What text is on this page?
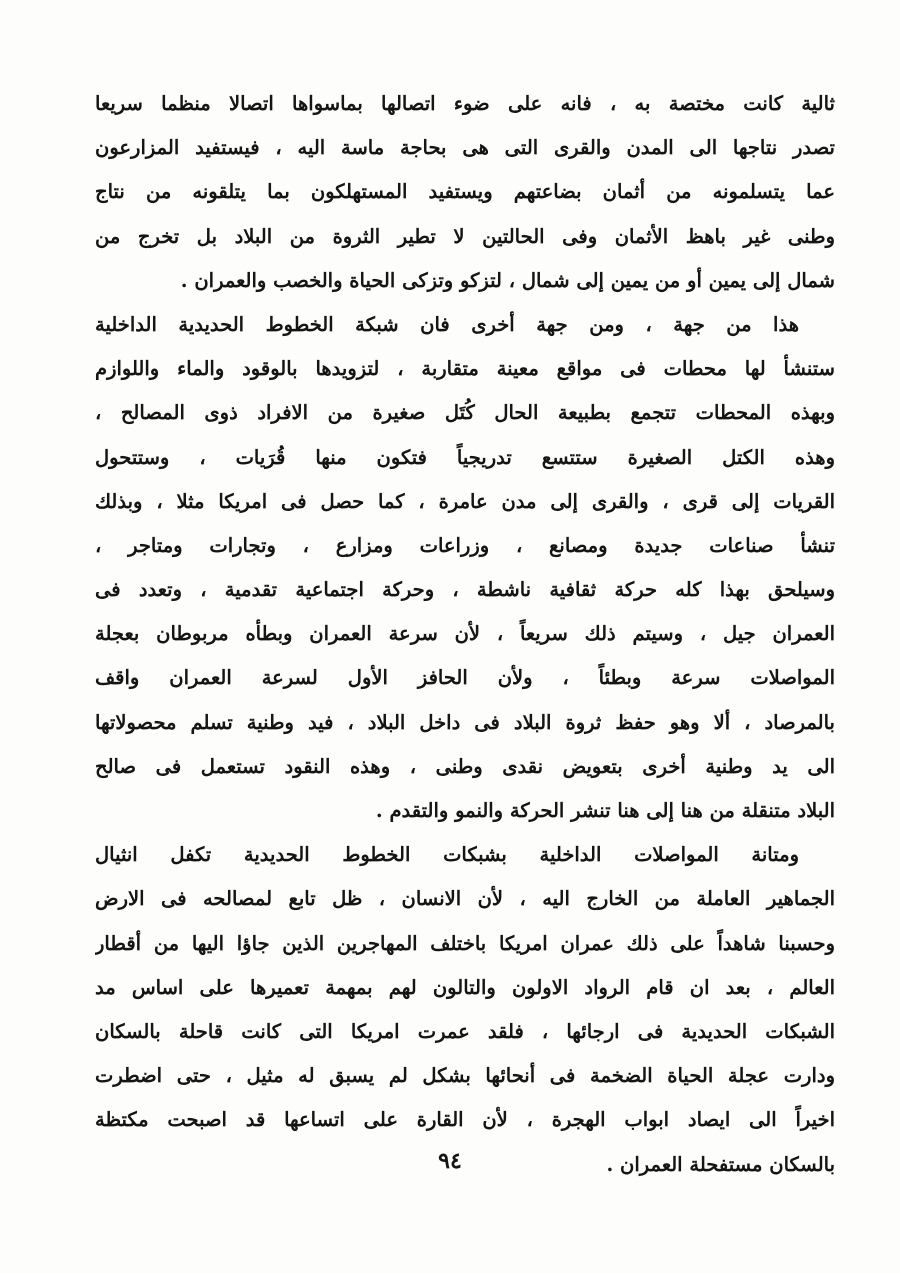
ثالية كانت مختصة به ، فانه على ضوء اتصالها بماسواها اتصالا منظما سريعا
تصدر نتاجها الى المدن والقرى التى هى بحاجة ماسة اليه ، فيستفيد المزارعون
عما يتسلمونه من أثمان بضاعتهم ويستفيد المستهلكون بما يتلقونه من نتاج
وطنى غير باهظ الأثمان وفى الحالتين لا تطير الثروة من البلاد بل تخرج من
شمال إلى يمين أو من يمين إلى شمال ، لتزكو وتزكى الحياة والخصب والعمران .
هذا من جهة ، ومن جهة أخرى فان شبكة الخطوط الحديدية الداخلية
ستنشأ لها محطات فى مواقع معينة متقاربة ، لتزويدها بالوقود والماء واللوازم
وبهذه المحطات تتجمع بطبيعة الحال كُتَل صغيرة من الافراد ذوى المصالح ،
وهذه الكتل الصغيرة ستتسع تدريجياً فتكون منها قُرَيات ، وستتحول
القريات إلى قرى ، والقرى إلى مدن عامرة ، كما حصل فى امريكا مثلا ، وبذلك
تنشأ صناعات جديدة ومصانع ، وزراعات ومزارع ، وتجارات ومتاجر ،
وسيلحق بهذا كله حركة ثقافية ناشطة ، وحركة اجتماعية تقدمية ، وتعدد فى
العمران جيل ، وسيتم ذلك سريعاً ، لأن سرعة العمران وبطأه مربوطان بعجلة
المواصلات سرعة وبطئاً ، ولأن الحافز الأول لسرعة العمران واقف
بالمرصاد ، ألا وهو حفظ ثروة البلاد فى داخل البلاد ، فيد وطنية تسلم محصولاتها
الى يد وطنية أخرى بتعويض نقدى وطنى ، وهذه النقود تستعمل فى صالح
البلاد متنقلة من هنا إلى هنا تنشر الحركة والنمو والتقدم .
ومتانة المواصلات الداخلية بشبكات الخطوط الحديدية تكفل انثيال
الجماهير العاملة من الخارج اليه ، لأن الانسان ، ظل تابع لمصالحه فى الارض
وحسبنا شاهداً على ذلك عمران امريكا باختلف المهاجرين الذين جاؤا اليها من أقطار
العالم ، بعد ان قام الرواد الاولون والتالون لهم بمهمة تعميرها على اساس مد
الشبكات الحديدية فى ارجائها ، فلقد عمرت امريكا التى كانت قاحلة بالسكان
ودارت عجلة الحياة الضخمة فى أنحائها بشكل لم يسبق له مثيل ، حتى اضطرت
اخيراً الى ايصاد ابواب الهجرة ، لأن القارة على اتساعها قد اصبحت مكتظة
بالسكان مستفحلة العمران .
٩٤
